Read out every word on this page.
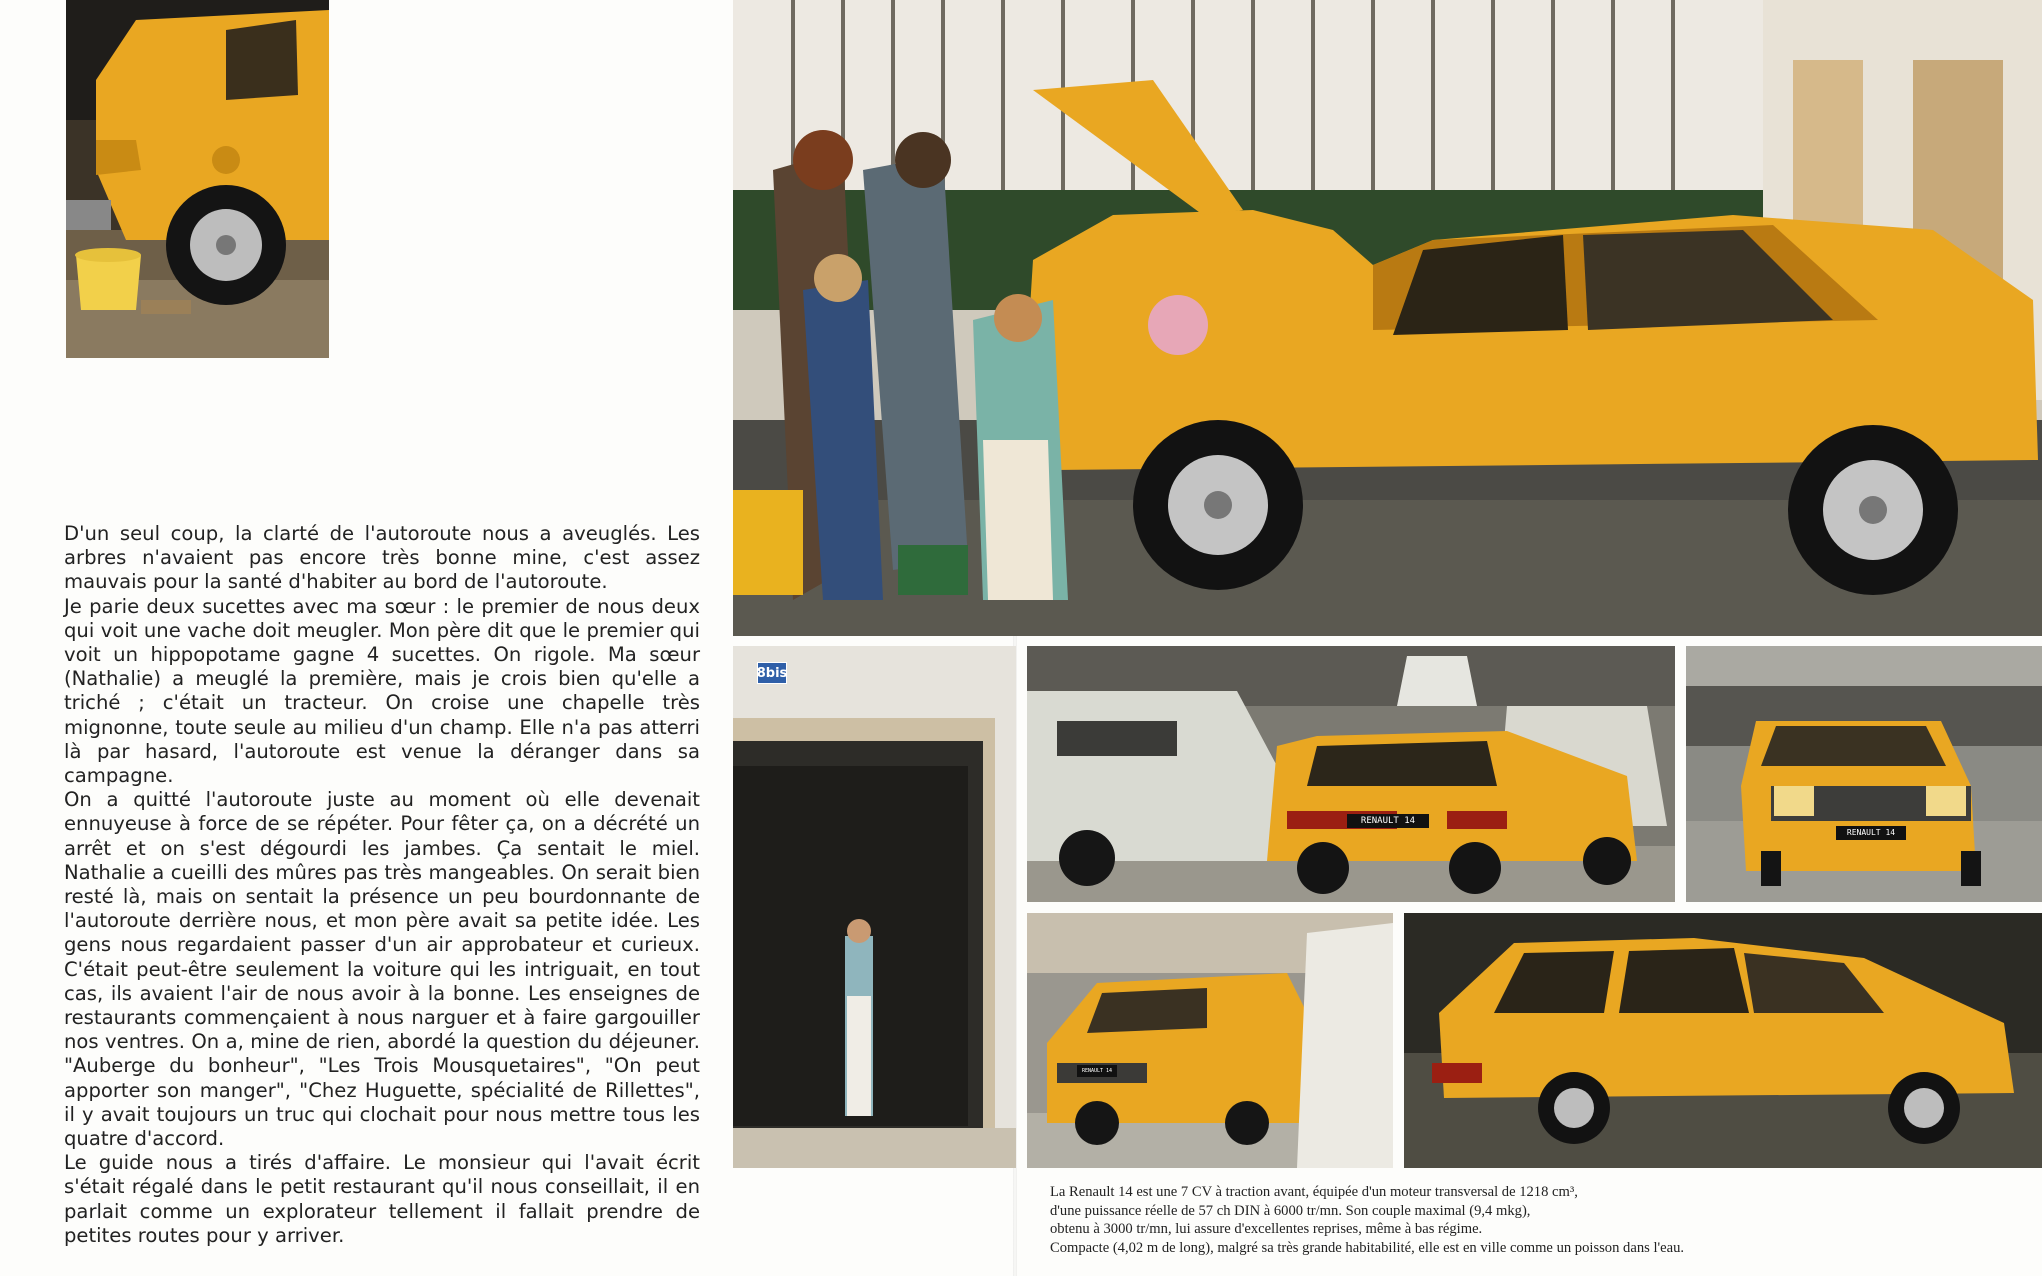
8bis
RENAULT 14
RENAULT 14
RENAULT 14

D'un seul coup, la clarté de l'autoroute nous a aveuglés. Les arbres n'avaient pas encore très bonne mine, c'est assez mauvais pour la santé d'habiter au bord de l'autoroute.

Je parie deux sucettes avec ma sœur : le premier de nous deux qui voit une vache doit meugler. Mon père dit que le premier qui voit un hippopotame gagne 4 sucettes. On rigole. Ma sœur (Nathalie) a meuglé la première, mais je crois bien qu'elle a triché ; c'était un tracteur. On croise une chapelle très mignonne, toute seule au milieu d'un champ. Elle n'a pas atterri là par hasard, l'autoroute est venue la déranger dans sa campagne.

On a quitté l'autoroute juste au moment où elle devenait ennuyeuse à force de se répéter. Pour fêter ça, on a décrété un arrêt et on s'est dégourdi les jambes. Ça sentait le miel. Nathalie a cueilli des mûres pas très mangeables. On serait bien resté là, mais on sentait la présence un peu bourdonnante de l'autoroute derrière nous, et mon père avait sa petite idée. Les gens nous regardaient passer d'un air approbateur et curieux. C'était peut-être seulement la voiture qui les intriguait, en tout cas, ils avaient l'air de nous avoir à la bonne. Les enseignes de restaurants commençaient à nous narguer et à faire gargouiller nos ventres. On a, mine de rien, abordé la question du déjeuner. "Auberge du bonheur", "Les Trois Mousquetaires", "On peut apporter son manger", "Chez Huguette, spécialité de Rillettes", il y avait toujours un truc qui clochait pour nous mettre tous les quatre d'accord.

Le guide nous a tirés d'affaire. Le monsieur qui l'avait écrit s'était régalé dans le petit restaurant qu'il nous conseillait, il en parlait comme un explorateur tellement il fallait prendre de petites routes pour y arriver.

La Renault 14 est une 7 CV à traction avant, équipée d'un moteur transversal de 1218 cm³,

d'une puissance réelle de 57 ch DIN à 6000 tr/mn. Son couple maximal (9,4 mkg),

obtenu à 3000 tr/mn, lui assure d'excellentes reprises, même à bas régime.

Compacte (4,02 m de long), malgré sa très grande habitabilité, elle est en ville comme un poisson dans l'eau.
